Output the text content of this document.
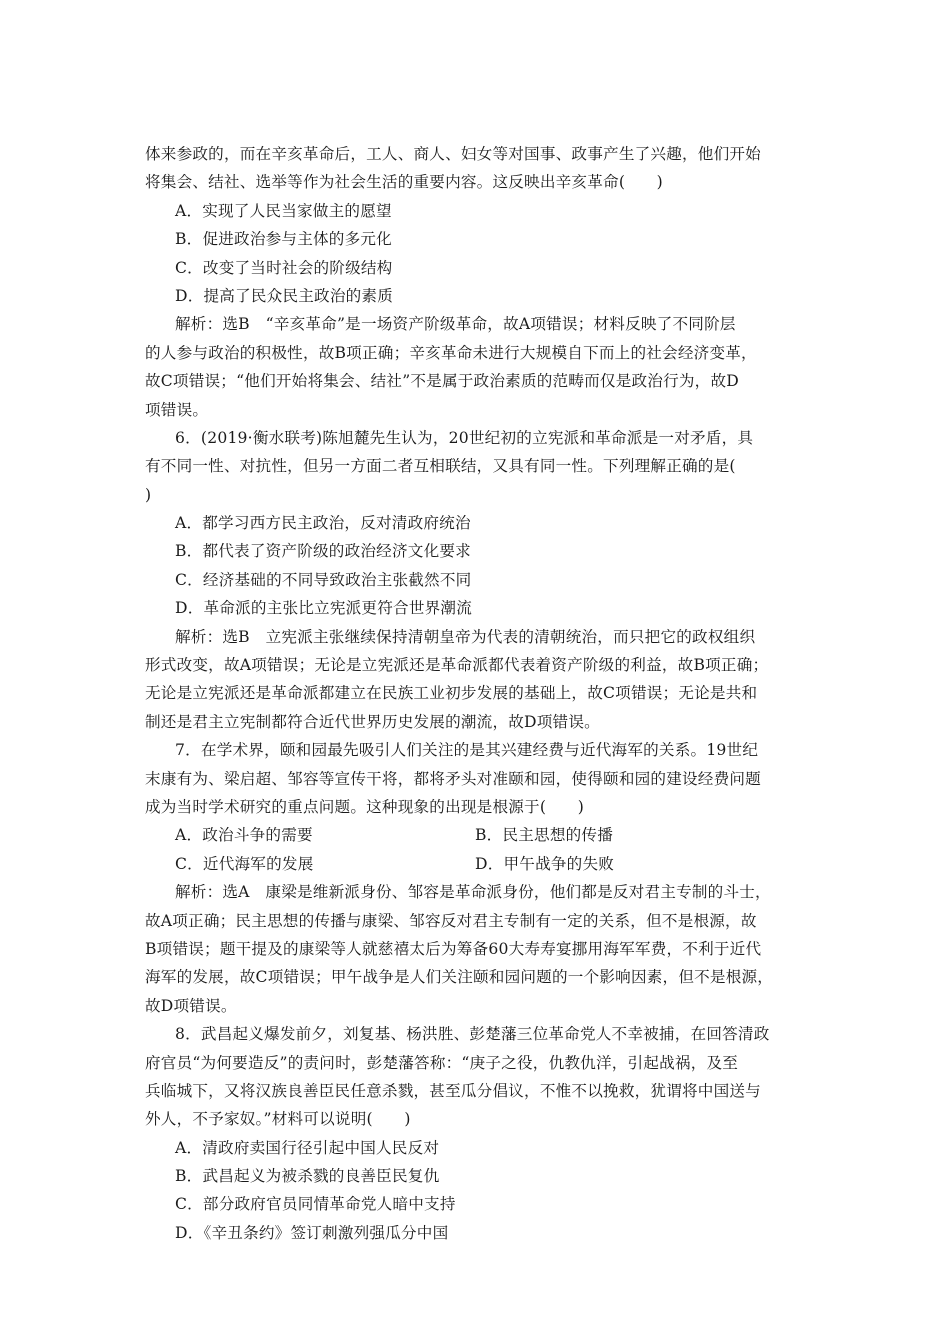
体来参政的，而在辛亥革命后，工人、商人、妇女等对国事、政事产生了兴趣，他们开始
将集会、结社、选举等作为社会生活的重要内容。这反映出辛亥革命(　　)
A．实现了人民当家做主的愿望
B．促进政治参与主体的多元化
C．改变了当时社会的阶级结构
D．提高了民众民主政治的素质
解析：选B　“辛亥革命”是一场资产阶级革命，故A项错误；材料反映了不同阶层
的人参与政治的积极性，故B项正确；辛亥革命未进行大规模自下而上的社会经济变革，
故C项错误；“他们开始将集会、结社”不是属于政治素质的范畴而仅是政治行为，故D
项错误。
6．(2019·衡水联考)陈旭麓先生认为，20世纪初的立宪派和革命派是一对矛盾，具
有不同一性、对抗性，但另一方面二者互相联结，又具有同一性。下列理解正确的是(
)
A．都学习西方民主政治，反对清政府统治
B．都代表了资产阶级的政治经济文化要求
C．经济基础的不同导致政治主张截然不同
D．革命派的主张比立宪派更符合世界潮流
解析：选B　立宪派主张继续保持清朝皇帝为代表的清朝统治，而只把它的政权组织
形式改变，故A项错误；无论是立宪派还是革命派都代表着资产阶级的利益，故B项正确；
无论是立宪派还是革命派都建立在民族工业初步发展的基础上，故C项错误；无论是共和
制还是君主立宪制都符合近代世界历史发展的潮流，故D项错误。
7．在学术界，颐和园最先吸引人们关注的是其兴建经费与近代海军的关系。19世纪
末康有为、梁启超、邹容等宣传干将，都将矛头对准颐和园，使得颐和园的建设经费问题
成为当时学术研究的重点问题。这种现象的出现是根源于(　　)
A．政治斗争的需要	B．民主思想的传播
C．近代海军的发展	D．甲午战争的失败
解析：选A　康梁是维新派身份、邹容是革命派身份，他们都是反对君主专制的斗士，
故A项正确；民主思想的传播与康梁、邹容反对君主专制有一定的关系，但不是根源，故
B项错误；题干提及的康梁等人就慈禧太后为筹备60大寿寿宴挪用海军军费，不利于近代
海军的发展，故C项错误；甲午战争是人们关注颐和园问题的一个影响因素，但不是根源，
故D项错误。
8．武昌起义爆发前夕，刘复基、杨洪胜、彭楚藩三位革命党人不幸被捕，在回答清政
府官员“为何要造反”的责问时，彭楚藩答称：“庚子之役，仇教仇洋，引起战祸，及至
兵临城下，又将汉族良善臣民任意杀戮，甚至瓜分倡议，不惟不以挽救，犹谓将中国送与
外人，不予家奴。”材料可以说明(　　)
A．清政府卖国行径引起中国人民反对
B．武昌起义为被杀戮的良善臣民复仇
C．部分政府官员同情革命党人暗中支持
D．《辛丑条约》签订刺激列强瓜分中国
